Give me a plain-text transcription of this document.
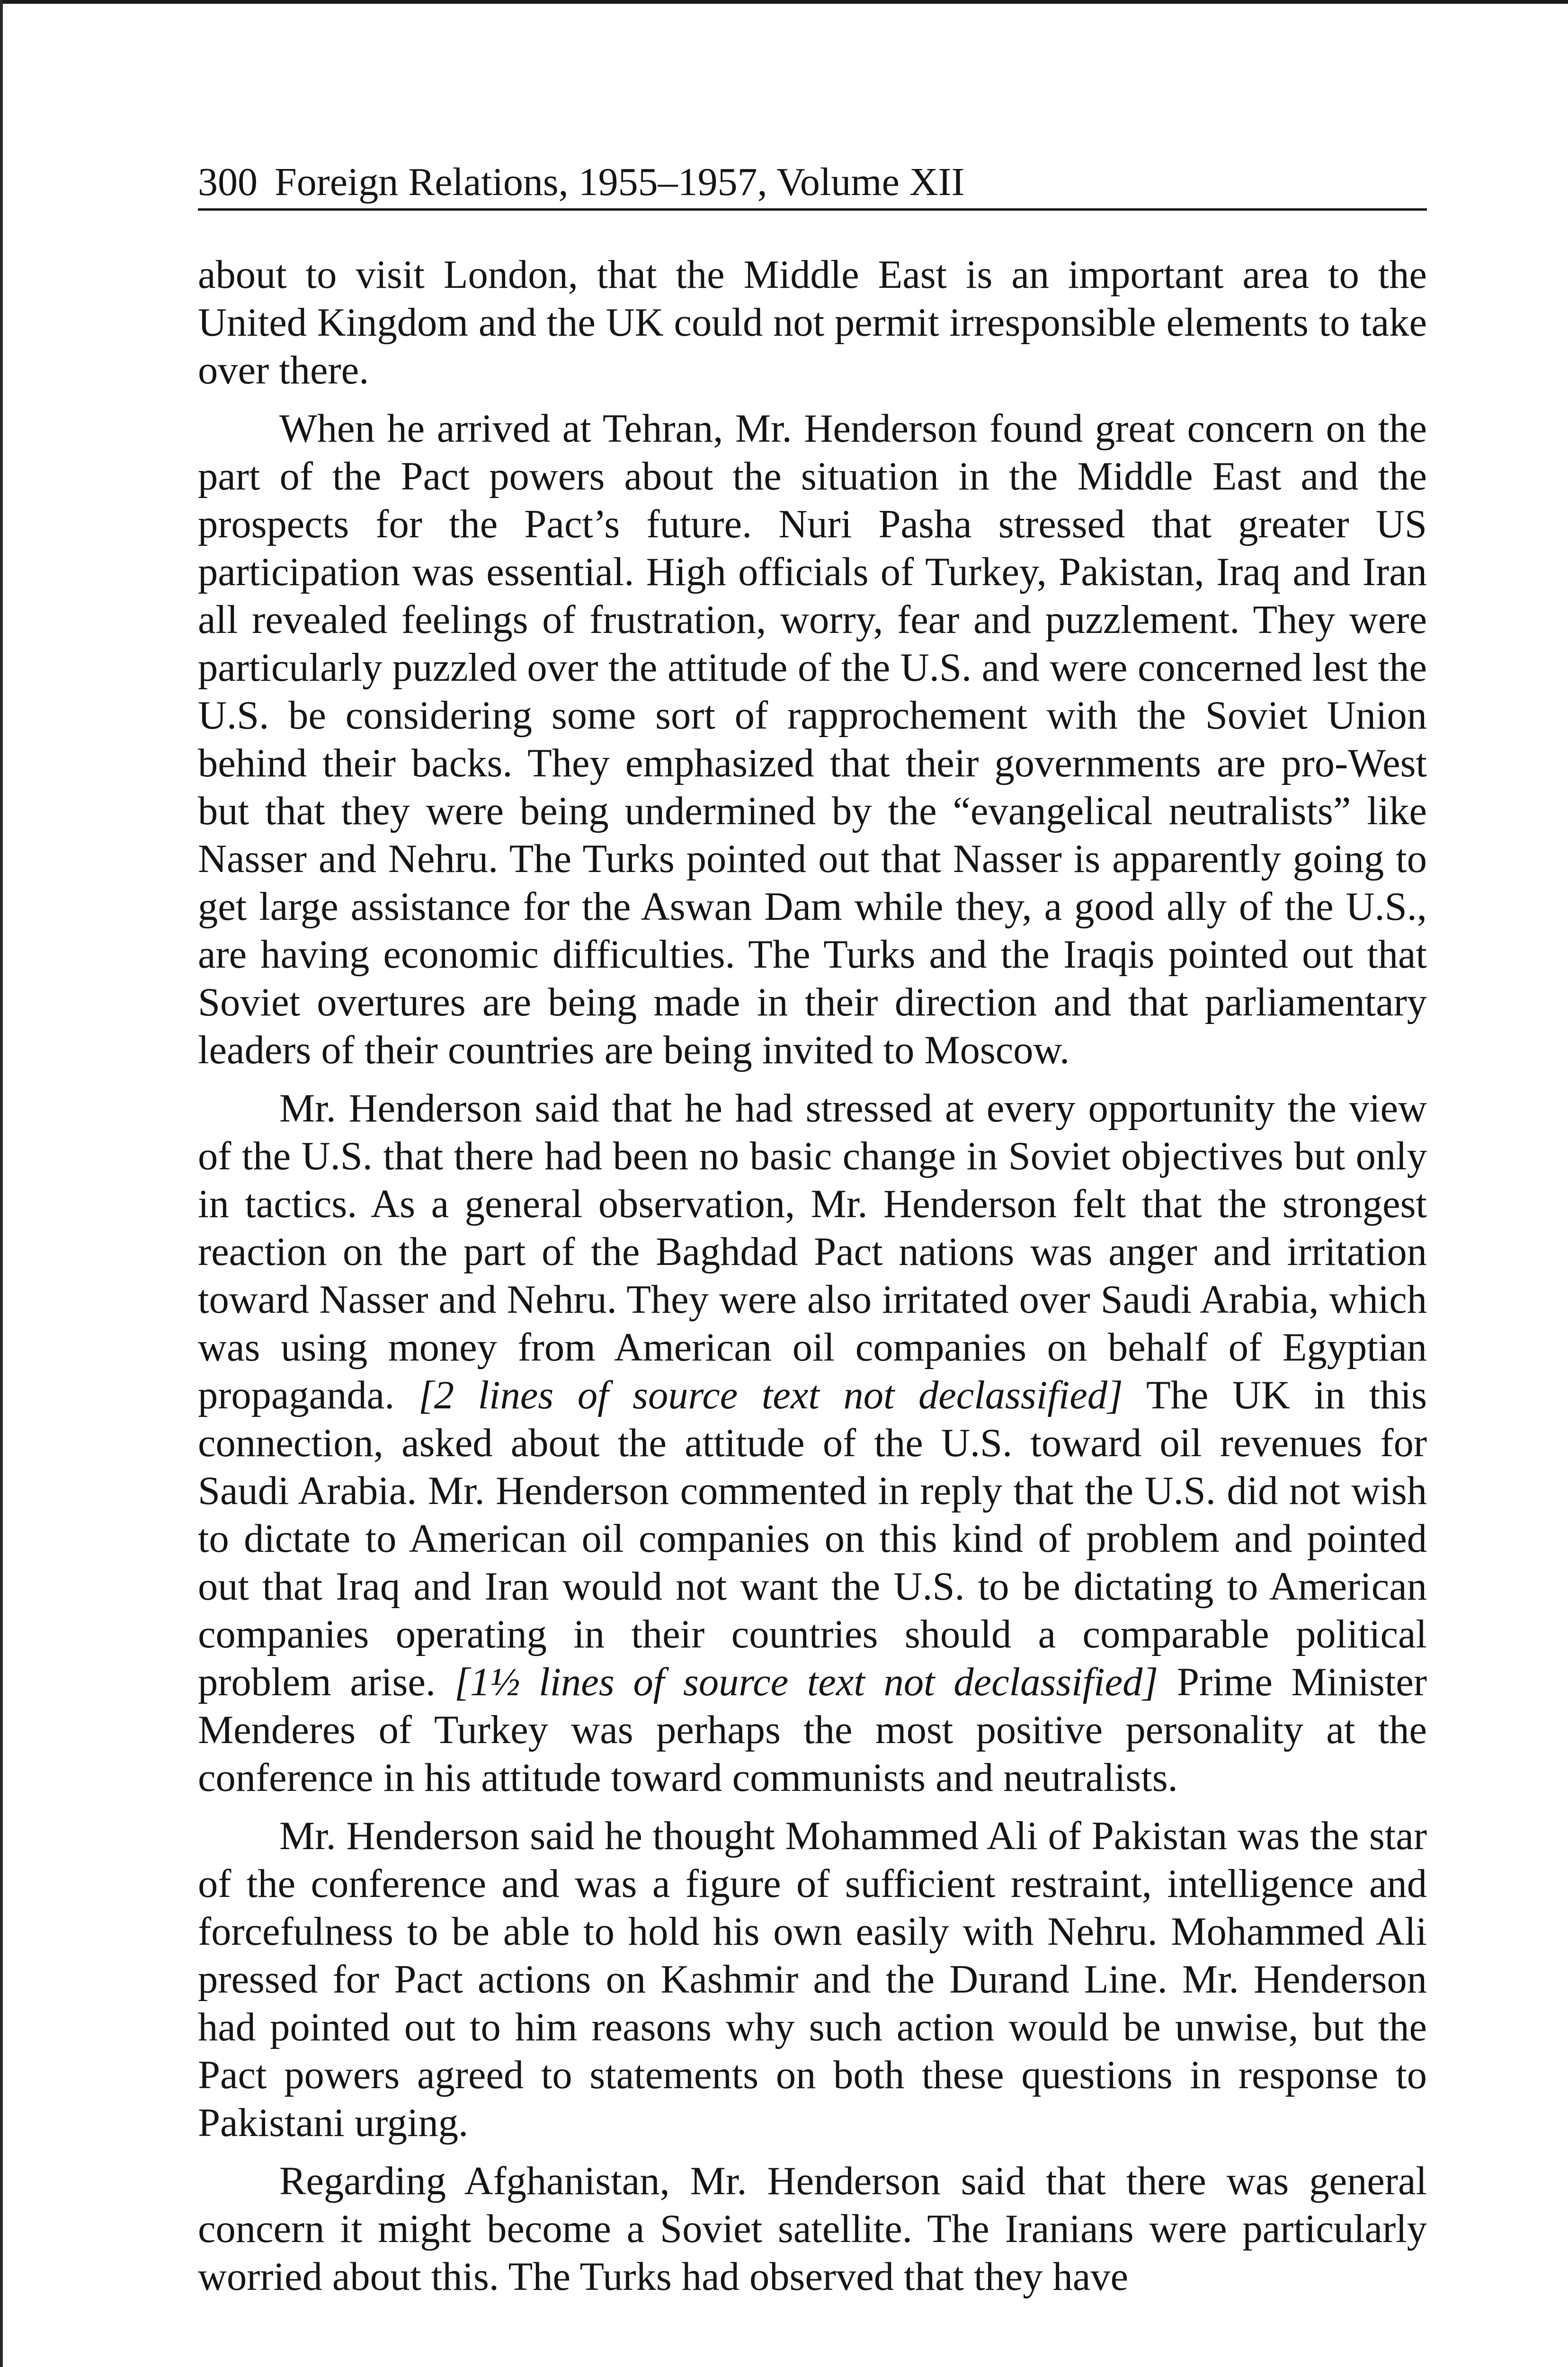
300 Foreign Relations, 1955–1957, Volume XII

about to visit London, that the Middle East is an important area to the United Kingdom and the UK could not permit irresponsible elements to take over there.

When he arrived at Tehran, Mr. Henderson found great concern on the part of the Pact powers about the situation in the Middle East and the prospects for the Pact’s future. Nuri Pasha stressed that greater US participation was essential. High officials of Turkey, Pakistan, Iraq and Iran all revealed feelings of frustration, worry, fear and puzzlement. They were particularly puzzled over the attitude of the U.S. and were concerned lest the U.S. be considering some sort of rapprochement with the Soviet Union behind their backs. They emphasized that their governments are pro-West but that they were being undermined by the “evangelical neutralists” like Nasser and Nehru. The Turks pointed out that Nasser is apparently going to get large assistance for the Aswan Dam while they, a good ally of the U.S., are having economic difficulties. The Turks and the Iraqis pointed out that Soviet overtures are being made in their direction and that parliamentary leaders of their countries are being invited to Moscow.

Mr. Henderson said that he had stressed at every opportunity the view of the U.S. that there had been no basic change in Soviet objectives but only in tactics. As a general observation, Mr. Henderson felt that the strongest reaction on the part of the Baghdad Pact nations was anger and irritation toward Nasser and Nehru. They were also irritated over Saudi Arabia, which was using money from American oil companies on behalf of Egyptian propaganda. [2 lines of source text not declassified] The UK in this connection, asked about the attitude of the U.S. toward oil revenues for Saudi Arabia. Mr. Henderson commented in reply that the U.S. did not wish to dictate to American oil companies on this kind of problem and pointed out that Iraq and Iran would not want the U.S. to be dictating to American companies operating in their countries should a comparable political problem arise. [1½ lines of source text not declassified] Prime Minister Menderes of Turkey was perhaps the most positive personality at the conference in his attitude toward communists and neutralists.

Mr. Henderson said he thought Mohammed Ali of Pakistan was the star of the conference and was a figure of sufficient restraint, intelligence and forcefulness to be able to hold his own easily with Nehru. Mohammed Ali pressed for Pact actions on Kashmir and the Durand Line. Mr. Henderson had pointed out to him reasons why such action would be unwise, but the Pact powers agreed to statements on both these questions in response to Pakistani urging.

Regarding Afghanistan, Mr. Henderson said that there was general concern it might become a Soviet satellite. The Iranians were particularly worried about this. The Turks had observed that they have
